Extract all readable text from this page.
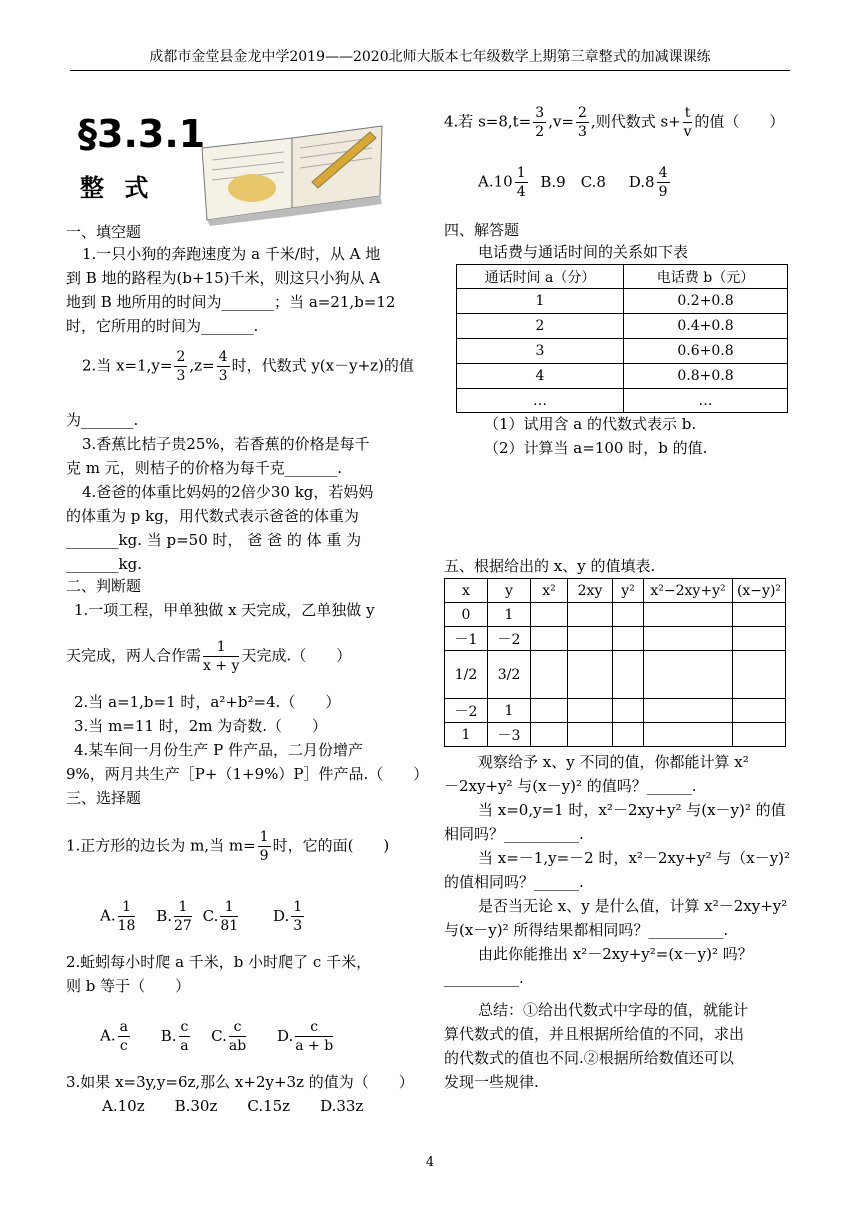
成都市金堂县金龙中学2019——2020北师大版本七年级数学上期第三章整式的加减课课练
§3.3.1
整 式
一、填空题
1.一只小狗的奔跑速度为 a 千米/时，从 A 地
到 B 地的路程为(b+15)千米，则这只小狗从 A
地到 B 地所用的时间为_______；当 a=21,b=12
时，它所用的时间为_______.
2.当 $x=1,y= \frac{2}{3} ,z= \frac{4}{3}$ 时，代数式 y(x－y+z)的值
为_______.
3.香蕉比桔子贵25%，若香蕉的价格是每千
克 m 元，则桔子的价格为每千克_______.
4.爸爸的体重比妈妈的2倍少30 kg，若妈妈
的体重为 p kg，用代数式表示爸爸的体重为
_______kg. 当 p=50 时， 爸 爸 的 体 重 为
_______kg.
二、判断题
1.一项工程，甲单独做 x 天完成，乙单独做 y
天完成，两人合作需 $\frac{1}{x + y}$ 天完成.（　　）
2.当 a=1,b=1 时，a²+b²=4.（　　）
3.当 m=11 时，2m 为奇数.（　　）
4.某车间一月份生产 P 件产品，二月份增产
9%，两月共生产［P+（1+9%）P］件产品.（　　）
三、选择题
1.正方形的边长为 m,当 $m= \frac{1}{9}$ 时，它的面(　　)
A. $\frac{1}{18} B$. $\frac{1}{27} C$. $\frac{1}{81} D$. $\frac{1}{3}$
2.蚯蚓每小时爬 a 千米，b 小时爬了 c 千米，
则 b 等于（　　）
A. $\frac{a}{c} B$. $\frac{c}{a} C$. $\frac{c}{ab} D$. $\frac{c}{a + b}$
3.如果 x=3y,y=6z,那么 x+2y+3z 的值为（　　）
A.10z　　B.30z　　C.15z　　D.33z
4.若 $s=8,t= \frac{3}{2} ,v= \frac{2}{3}$ ,则代数式 $s+ \frac{t}{v}$ 的值（　　）
$A.10 \frac{1}{4} B.9$　C.8 $D.8 \frac{4}{9}$
四、解答题
电话费与通话时间的关系如下表
通话时间 a（分）	电话费 b（元）
1	0.2+0.8
2	0.4+0.8
3	0.6+0.8
4	0.8+0.8
…	…
（1）试用含 a 的代数式表示 b.
（2）计算当 a=100 时，b 的值.
五、根据给出的 x、y 的值填表.
x	y	x²	2xy	y²	x²−2xy+y²	(x−y)²
0	1					
－1	－2					
1/2	3/2					
－2	1					
1	－3					
观察给予 x、y 不同的值，你都能计算 x²
－2xy+y² 与(x－y)² 的值吗？______.
当 x=0,y=1 时，x²－2xy+y² 与(x－y)² 的值
相同吗？__________.
当 x=－1,y=－2 时，x²－2xy+y² 与（x－y)²
的值相同吗？______.
是否当无论 x、y 是什么值，计算 x²－2xy+y²
与(x－y)² 所得结果都相同吗？__________.
由此你能推出 x²－2xy+y²=(x－y)² 吗？
__________.
总结：①给出代数式中字母的值，就能计
算代数式的值，并且根据所给值的不同，求出
的代数式的值也不同.②根据所给数值还可以
发现一些规律.
4
